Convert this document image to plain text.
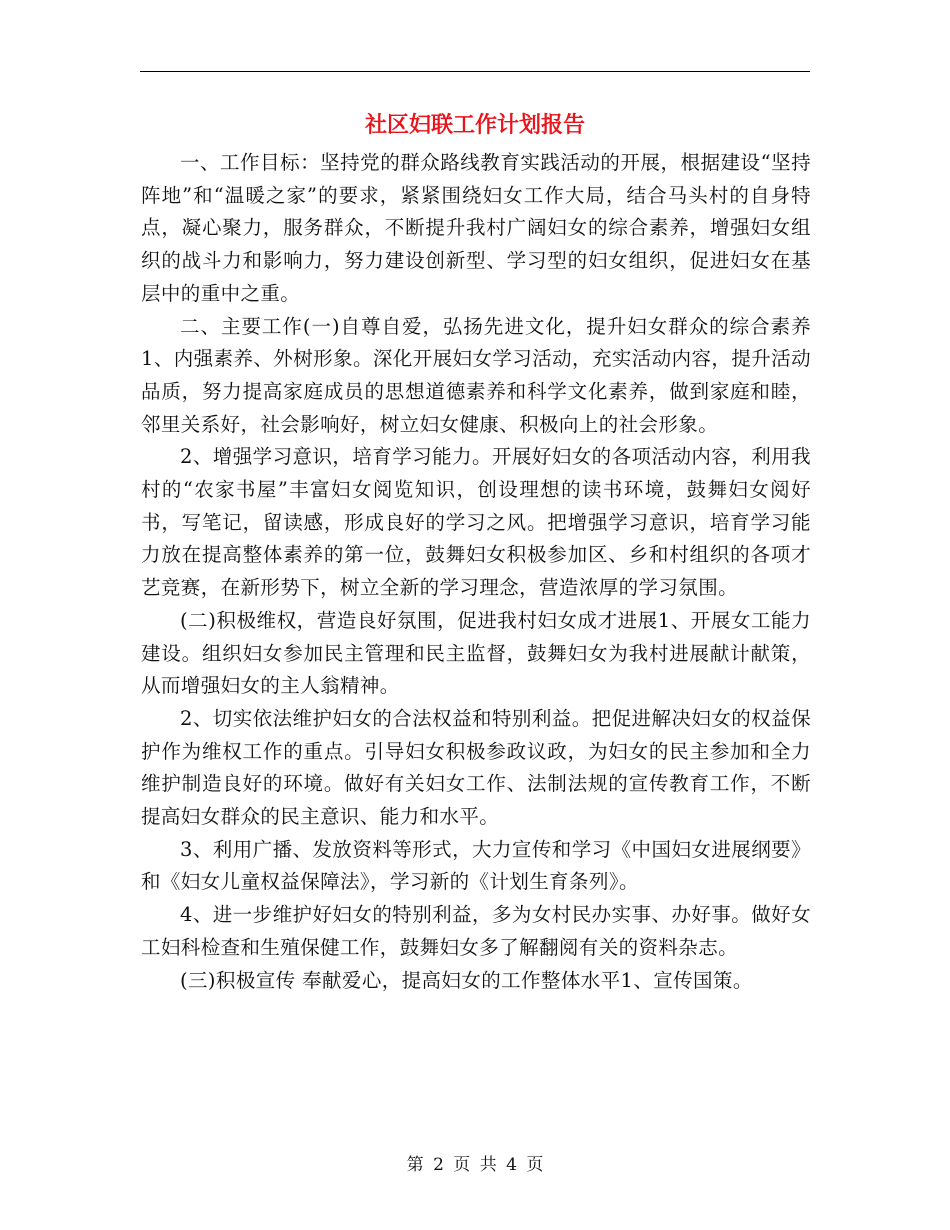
社区妇联工作计划报告

一、工作目标：坚持党的群众路线教育实践活动的开展，根据建设“坚持阵地”和“温暖之家”的要求，紧紧围绕妇女工作大局，结合马头村的自身特点，凝心聚力，服务群众，不断提升我村广阔妇女的综合素养，增强妇女组织的战斗力和影响力，努力建设创新型、学习型的妇女组织，促进妇女在基层中的重中之重。

二、主要工作(一)自尊自爱，弘扬先进文化，提升妇女群众的综合素养1、内强素养、外树形象。深化开展妇女学习活动，充实活动内容，提升活动品质，努力提高家庭成员的思想道德素养和科学文化素养，做到家庭和睦，邻里关系好，社会影响好，树立妇女健康、积极向上的社会形象。

2、增强学习意识，培育学习能力。开展好妇女的各项活动内容，利用我村的“农家书屋”丰富妇女阅览知识，创设理想的读书环境，鼓舞妇女阅好书，写笔记，留读感，形成良好的学习之风。把增强学习意识，培育学习能力放在提高整体素养的第一位，鼓舞妇女积极参加区、乡和村组织的各项才艺竞赛，在新形势下，树立全新的学习理念，营造浓厚的学习氛围。

(二)积极维权，营造良好氛围，促进我村妇女成才进展1、开展女工能力建设。组织妇女参加民主管理和民主监督，鼓舞妇女为我村进展献计献策，从而增强妇女的主人翁精神。

2、切实依法维护妇女的合法权益和特别利益。把促进解决妇女的权益保护作为维权工作的重点。引导妇女积极参政议政，为妇女的民主参加和全力维护制造良好的环境。做好有关妇女工作、法制法规的宣传教育工作，不断提高妇女群众的民主意识、能力和水平。

3、利用广播、发放资料等形式，大力宣传和学习《中国妇女进展纲要》和《妇女儿童权益保障法》，学习新的《计划生育条列》。

4、进一步维护好妇女的特别利益，多为女村民办实事、办好事。做好女工妇科检查和生殖保健工作，鼓舞妇女多了解翻阅有关的资料杂志。

(三)积极宣传 奉献爱心，提高妇女的工作整体水平1、宣传国策。

第 2 页 共 4 页
